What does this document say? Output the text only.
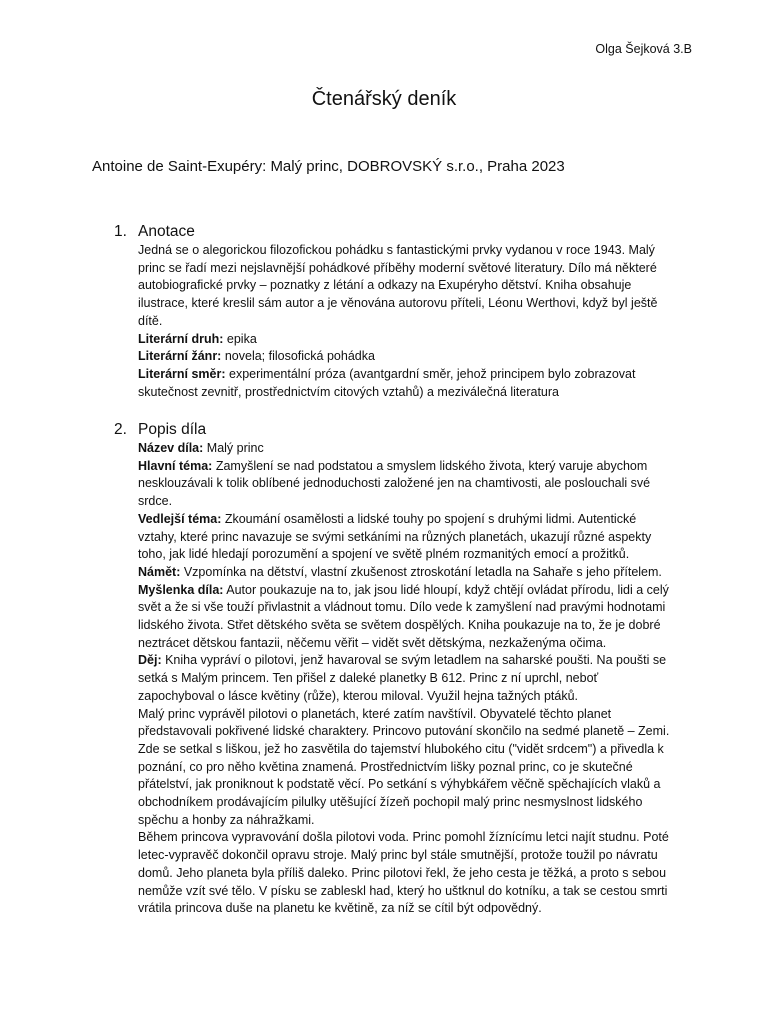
Olga Šejková 3.B
Čtenářský deník
Antoine de Saint-Exupéry: Malý princ, DOBROVSKÝ s.r.o., Praha 2023
1. Anotace

Jedná se o alegorickou filozofickou pohádku s fantastickými prvky vydanou v roce 1943. Malý princ se řadí mezi nejslavnější pohádkové příběhy moderní světové literatury. Dílo má některé autobiografické prvky – poznatky z létání a odkazy na Exupéryho dětství. Kniha obsahuje ilustrace, které kreslil sám autor a je věnována autorovu příteli, Léonu Werthovi, když byl ještě dítě.

Literární druh: epika

Literární žánr: novela; filosofická pohádka

Literární směr: experimentální próza (avantgardní směr, jehož principem bylo zobrazovat skutečnost zevnitř, prostřednictvím citových vztahů) a meziválečná literatura

2. Popis díla

Název díla: Malý princ

Hlavní téma: Zamyšlení se nad podstatou a smyslem lidského života, který varuje abychom nesklouzávali k tolik oblíbené jednoduchosti založené jen na chamtivosti, ale poslouchali své srdce.

Vedlejší téma: Zkoumání osamělosti a lidské touhy po spojení s druhými lidmi. Autentické vztahy, které princ navazuje se svými setkáními na různých planetách, ukazují různé aspekty toho, jak lidé hledají porozumění a spojení ve světě plném rozmanitých emocí a prožitků.

Námět: Vzpomínka na dětství, vlastní zkušenost ztroskotání letadla na Sahaře s jeho přítelem.

Myšlenka díla: Autor poukazuje na to, jak jsou lidé hloupí, když chtějí ovládat přírodu, lidi a celý svět a že si vše touží přivlastnit a vládnout tomu. Dílo vede k zamyšlení nad pravými hodnotami lidského života. Střet dětského světa se světem dospělých. Kniha poukazuje na to, že je dobré neztrácet dětskou fantazii, něčemu věřit – vidět svět dětskýma, nezkaženýma očima.

Děj: Kniha vypráví o pilotovi, jenž havaroval se svým letadlem na saharské poušti. Na poušti se setká s Malým princem. Ten přišel z daleké planetky B 612. Princ z ní uprchl, neboť zapochyboval o lásce květiny (růže), kterou miloval. Využil hejna tažných ptáků.

Malý princ vyprávěl pilotovi o planetách, které zatím navštívil. Obyvatelé těchto planet představovali pokřivené lidské charaktery. Princovo putování skončilo na sedmé planetě – Zemi. Zde se setkal s liškou, jež ho zasvětila do tajemství hlubokého citu ("vidět srdcem") a přivedla k poznání, co pro něho květina znamená. Prostřednictvím lišky poznal princ, co je skutečné přátelství, jak proniknout k podstatě věcí. Po setkání s výhybkářem věčně spěchajících vlaků a obchodníkem prodávajícím pilulky utěšující žízeň pochopil malý princ nesmyslnost lidského spěchu a honby za náhražkami.

Během princova vypravování došla pilotovi voda. Princ pomohl žíznícímu letci najít studnu. Poté letec-vypravěč dokončil opravu stroje. Malý princ byl stále smutnější, protože toužil po návratu domů. Jeho planeta byla příliš daleko. Princ pilotovi řekl, že jeho cesta je těžká, a proto s sebou nemůže vzít své tělo. V písku se zableskl had, který ho uštknul do kotníku, a tak se cestou smrti vrátila princova duše na planetu ke květině, za níž se cítil být odpovědný.
